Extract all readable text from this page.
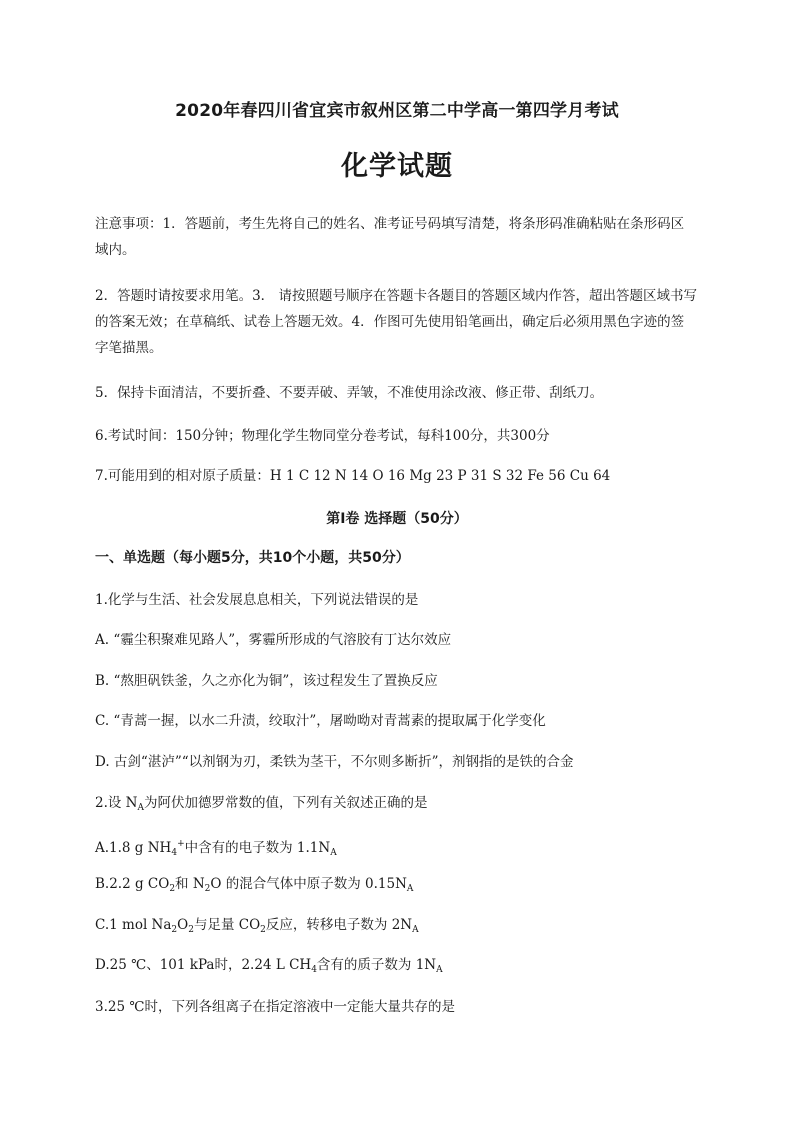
2020年春四川省宜宾市叙州区第二中学高一第四学月考试
化学试题
注意事项：1．答题前，考生先将自己的姓名、准考证号码填写清楚，将条形码准确粘贴在条形码区域内。
2．答题时请按要求用笔。3． 请按照题号顺序在答题卡各题目的答题区域内作答，超出答题区域书写的答案无效；在草稿纸、试卷上答题无效。4．作图可先使用铅笔画出，确定后必须用黑色字迹的签字笔描黑。
5．保持卡面清洁，不要折叠、不要弄破、弄皱，不准使用涂改液、修正带、刮纸刀。
6.考试时间：150分钟；物理化学生物同堂分卷考试，每科100分，共300分
7.可能用到的相对原子质量：H 1 C 12 N 14 O 16 Mg 23 P 31 S 32 Fe 56 Cu 64
第Ⅰ卷 选择题（50分）
一、单选题（每小题5分，共10个小题，共50分）
1.化学与生活、社会发展息息相关，下列说法错误的是
A. “霾尘积聚难见路人”，雾霾所形成的气溶胶有丁达尔效应
B. “熬胆矾铁釜，久之亦化为铜”，该过程发生了置换反应
C. “青蒿一握，以水二升渍，绞取汁”，屠呦呦对青蒿素的提取属于化学变化
D. 古剑“湛泸”“以剂钢为刃，柔铁为茎干，不尔则多断折”，剂钢指的是铁的合金
2.设 $N_A$为阿伏加德罗常数的值，下列有关叙述正确的是
A.1.8 g $NH_4^+$中含有的电子数为 $1.1N_A$
B.2.2 g $CO_2$和 $N_2O$ 的混合气体中原子数为 $0.15N_A$
C.1 mol $Na_2O_2$与足量 $CO_2$反应，转移电子数为 $2N_A$
D.25 ℃、101 kPa时，2.24 L $CH_4$含有的质子数为 $1N_A$
3.25 ℃时，下列各组离子在指定溶液中一定能大量共存的是
